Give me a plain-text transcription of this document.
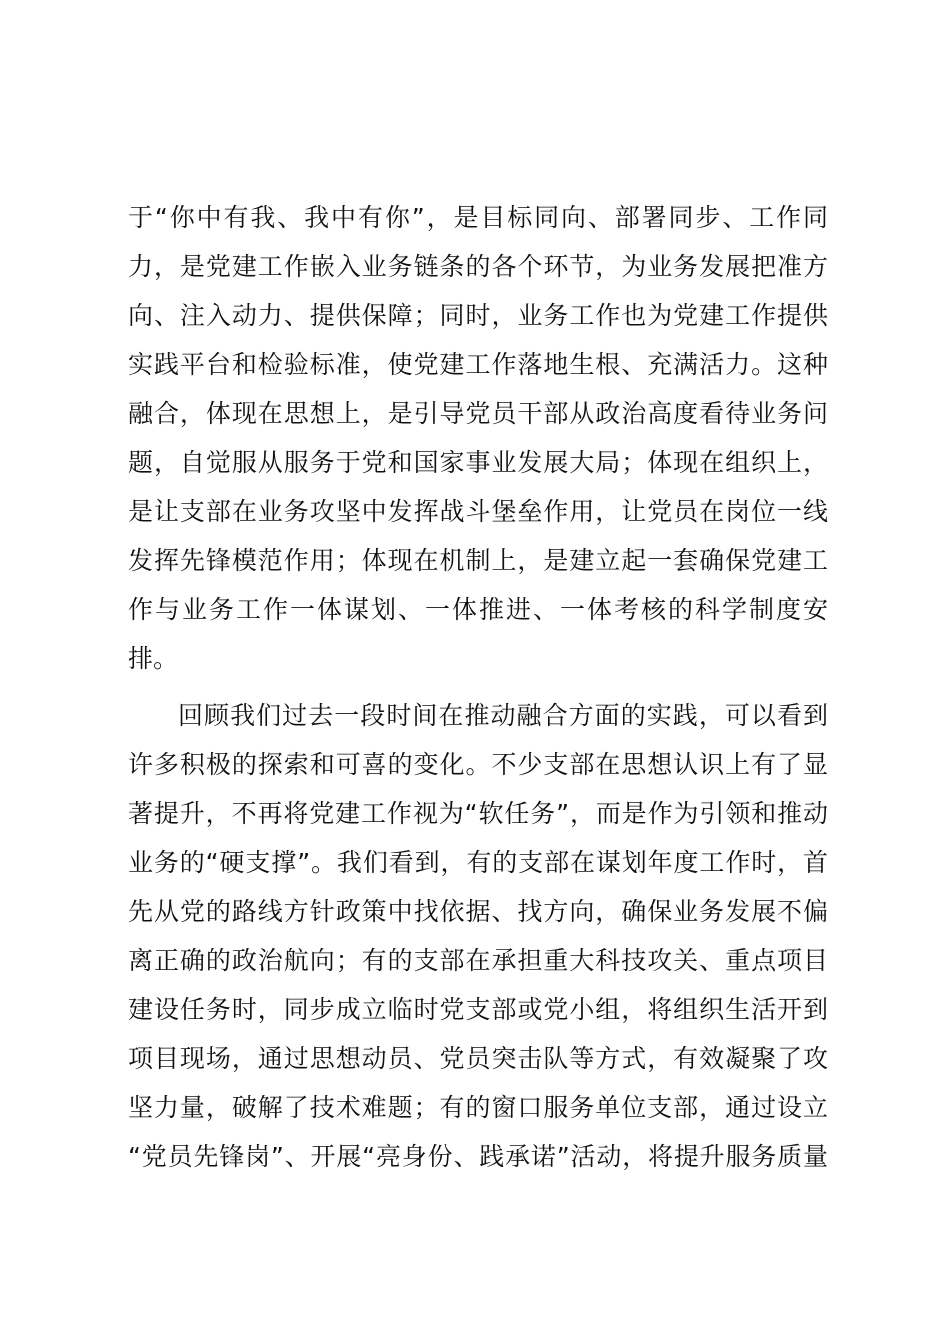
于“你中有我、我中有你”，是目标同向、部署同步、工作同
力，是党建工作嵌入业务链条的各个环节，为业务发展把准方
向、注入动力、提供保障；同时，业务工作也为党建工作提供
实践平台和检验标准，使党建工作落地生根、充满活力。这种
融合，体现在思想上，是引导党员干部从政治高度看待业务问
题，自觉服从服务于党和国家事业发展大局；体现在组织上，
是让支部在业务攻坚中发挥战斗堡垒作用，让党员在岗位一线
发挥先锋模范作用；体现在机制上，是建立起一套确保党建工
作与业务工作一体谋划、一体推进、一体考核的科学制度安
排。
回顾我们过去一段时间在推动融合方面的实践，可以看到
许多积极的探索和可喜的变化。不少支部在思想认识上有了显
著提升，不再将党建工作视为“软任务”，而是作为引领和推动
业务的“硬支撑”。我们看到，有的支部在谋划年度工作时，首
先从党的路线方针政策中找依据、找方向，确保业务发展不偏
离正确的政治航向；有的支部在承担重大科技攻关、重点项目
建设任务时，同步成立临时党支部或党小组，将组织生活开到
项目现场，通过思想动员、党员突击队等方式，有效凝聚了攻
坚力量，破解了技术难题；有的窗口服务单位支部，通过设立
“党员先锋岗”、开展“亮身份、践承诺”活动，将提升服务质量
